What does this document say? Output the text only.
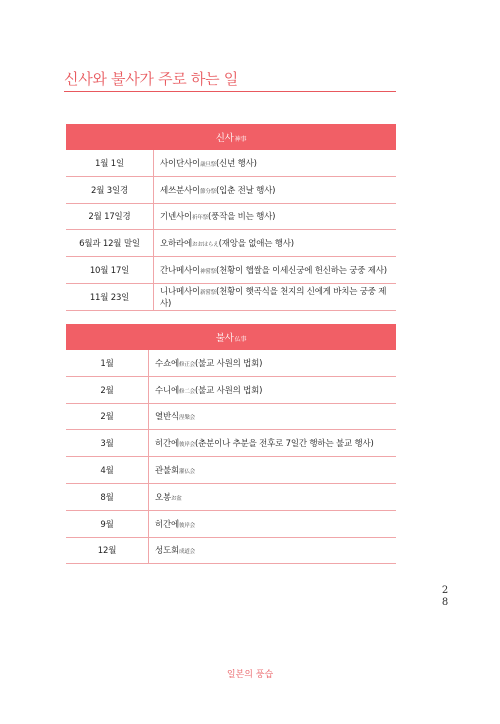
신사와 불사가 주로 하는 일
신사神事	
1월 1일	사이단사이歳旦祭(신년 행사)
2월 3일경	세쓰분사이節分祭(입춘 전날 행사)
2월 17일경	기넨사이祈年祭(풍작을 비는 행사)
6월과 12월 말일	오하라에おおはらえ(재앙을 없애는 행사)
10월 17일	간나메사이神嘗祭(천황이 햅쌀을 이세신궁에 헌신하는 궁중 제사)
11월 23일	니나메사이新嘗祭(천황이 햇곡식을 천지의 신에게 바치는 궁중 제사)
불사仏事	
1월	수쇼에修正会(불교 사원의 법회)
2월	수니에修二会(불교 사원의 법회)
2월	열반식涅槃会
3월	히간에彼岸会(춘분이나 추분을 전후로 7일간 행하는 불교 행사)
4월	관불회灌仏会
8월	오봉お盆
9월	히간에彼岸会
12월	성도회成道会
2
8
일본의 풍습
